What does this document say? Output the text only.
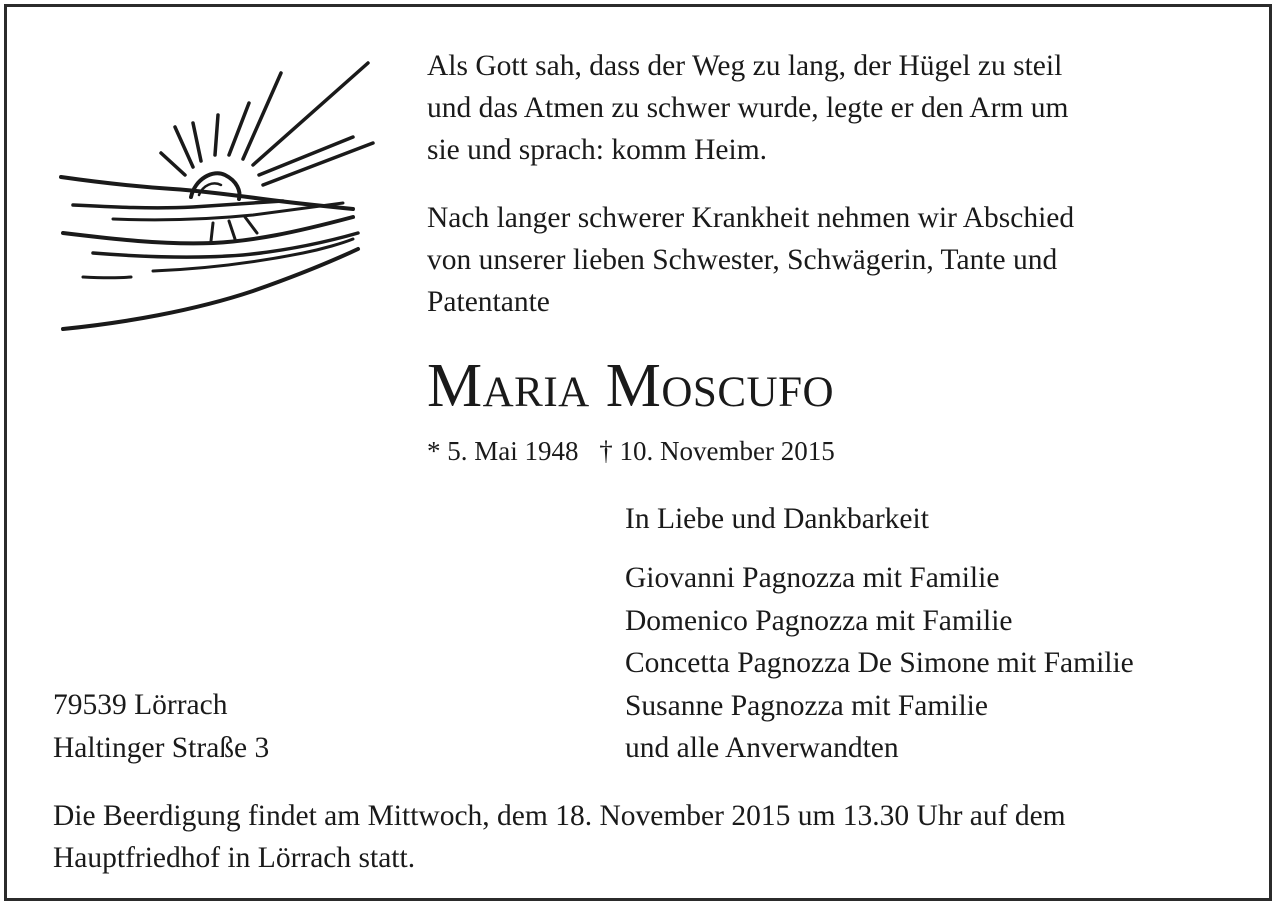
Als Gott sah, dass der Weg zu lang, der Hügel zu steil
und das Atmen zu schwer wurde, legte er den Arm um
sie und sprach: komm Heim.

Nach langer schwerer Krankheit nehmen wir Abschied
von unserer lieben Schwester, Schwägerin, Tante und
Patentante

Maria Moscufo
* 5. Mai 1948 † 10. November 2015
In Liebe und Dankbarkeit
Giovanni Pagnozza mit Familie
Domenico Pagnozza mit Familie
Concetta Pagnozza De Simone mit Familie
Susanne Pagnozza mit Familie
und alle Anverwandten
79539 Lörrach
Haltinger Straße 3

Die Beerdigung findet am Mittwoch, dem 18. November 2015 um 13.30 Uhr auf dem
Hauptfriedhof in Lörrach statt.
